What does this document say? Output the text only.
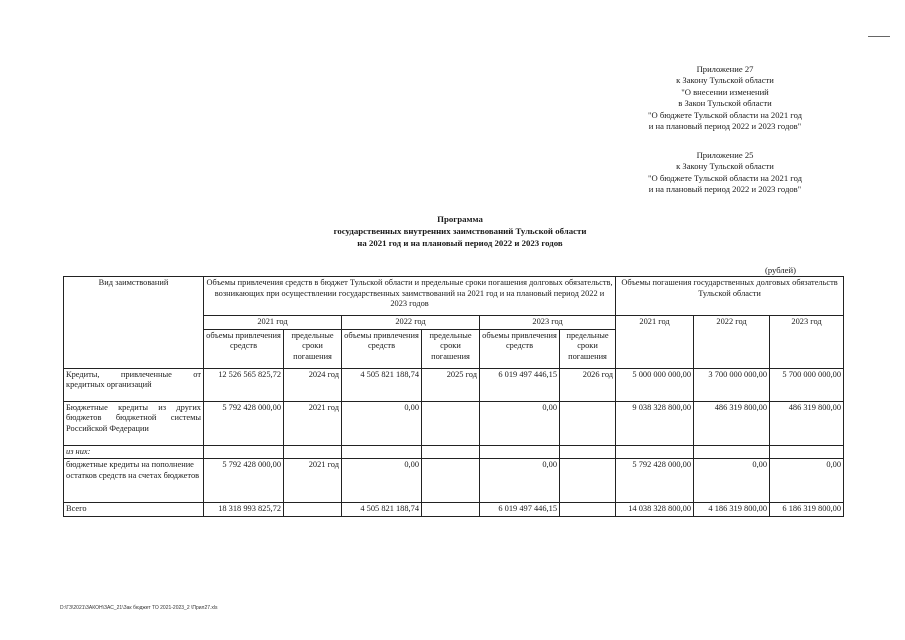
Приложение 27
к Закону Тульской области
"О внесении изменений
в Закон Тульской области
"О бюджете Тульской области на 2021 год
и на плановый период 2022 и 2023 годов"
Приложение 25
к Закону Тульской области
"О бюджете Тульской области на 2021 год
и на плановый период 2022 и 2023 годов"
Программа
государственных внутренних заимствований Тульской области
на 2021 год и на плановый период 2022 и 2023 годов
(рублей)
Вид заимствований	Объемы привлечения средств в бюджет Тульской области и предельные сроки погашения долговых обязательств, возникающих при осуществлении государственных заимствований на 2021 год и на плановый период 2022 и 2023 годов						Объемы погашения государственных долговых обязательств Тульской области		
	2021 год		2022 год		2023 год		2021 год	2022 год	2023 год
	объемы привлечения средств	предельные сроки погашения	объемы привлечения средств	предельные сроки погашения	объемы привлечения средств	предельные сроки погашения			
Кредиты, привлеченные от кредитных организаций	12 526 565 825,72	2024 год	4 505 821 188,74	2025 год	6 019 497 446,15	2026 год	5 000 000 000,00	3 700 000 000,00	5 700 000 000,00
Бюджетные кредиты из других бюджетов бюджетной системы Российской Федерации	5 792 428 000,00	2021 год	0,00		0,00		9 038 328 800,00	486 319 800,00	486 319 800,00
из них:									
бюджетные кредиты на пополнение остатков средств на счетах бюджетов	5 792 428 000,00	2021 год	0,00		0,00		5 792 428 000,00	0,00	0,00
Всего	18 318 993 825,72		4 505 821 188,74		6 019 497 446,15		14 038 328 800,00	4 186 319 800,00	6 186 319 800,00
D:\ГЗ\2021\ЗАКОН\ЗАС_21\Зак бюджет ТО 2021-2023_2 \Прил27.xls
